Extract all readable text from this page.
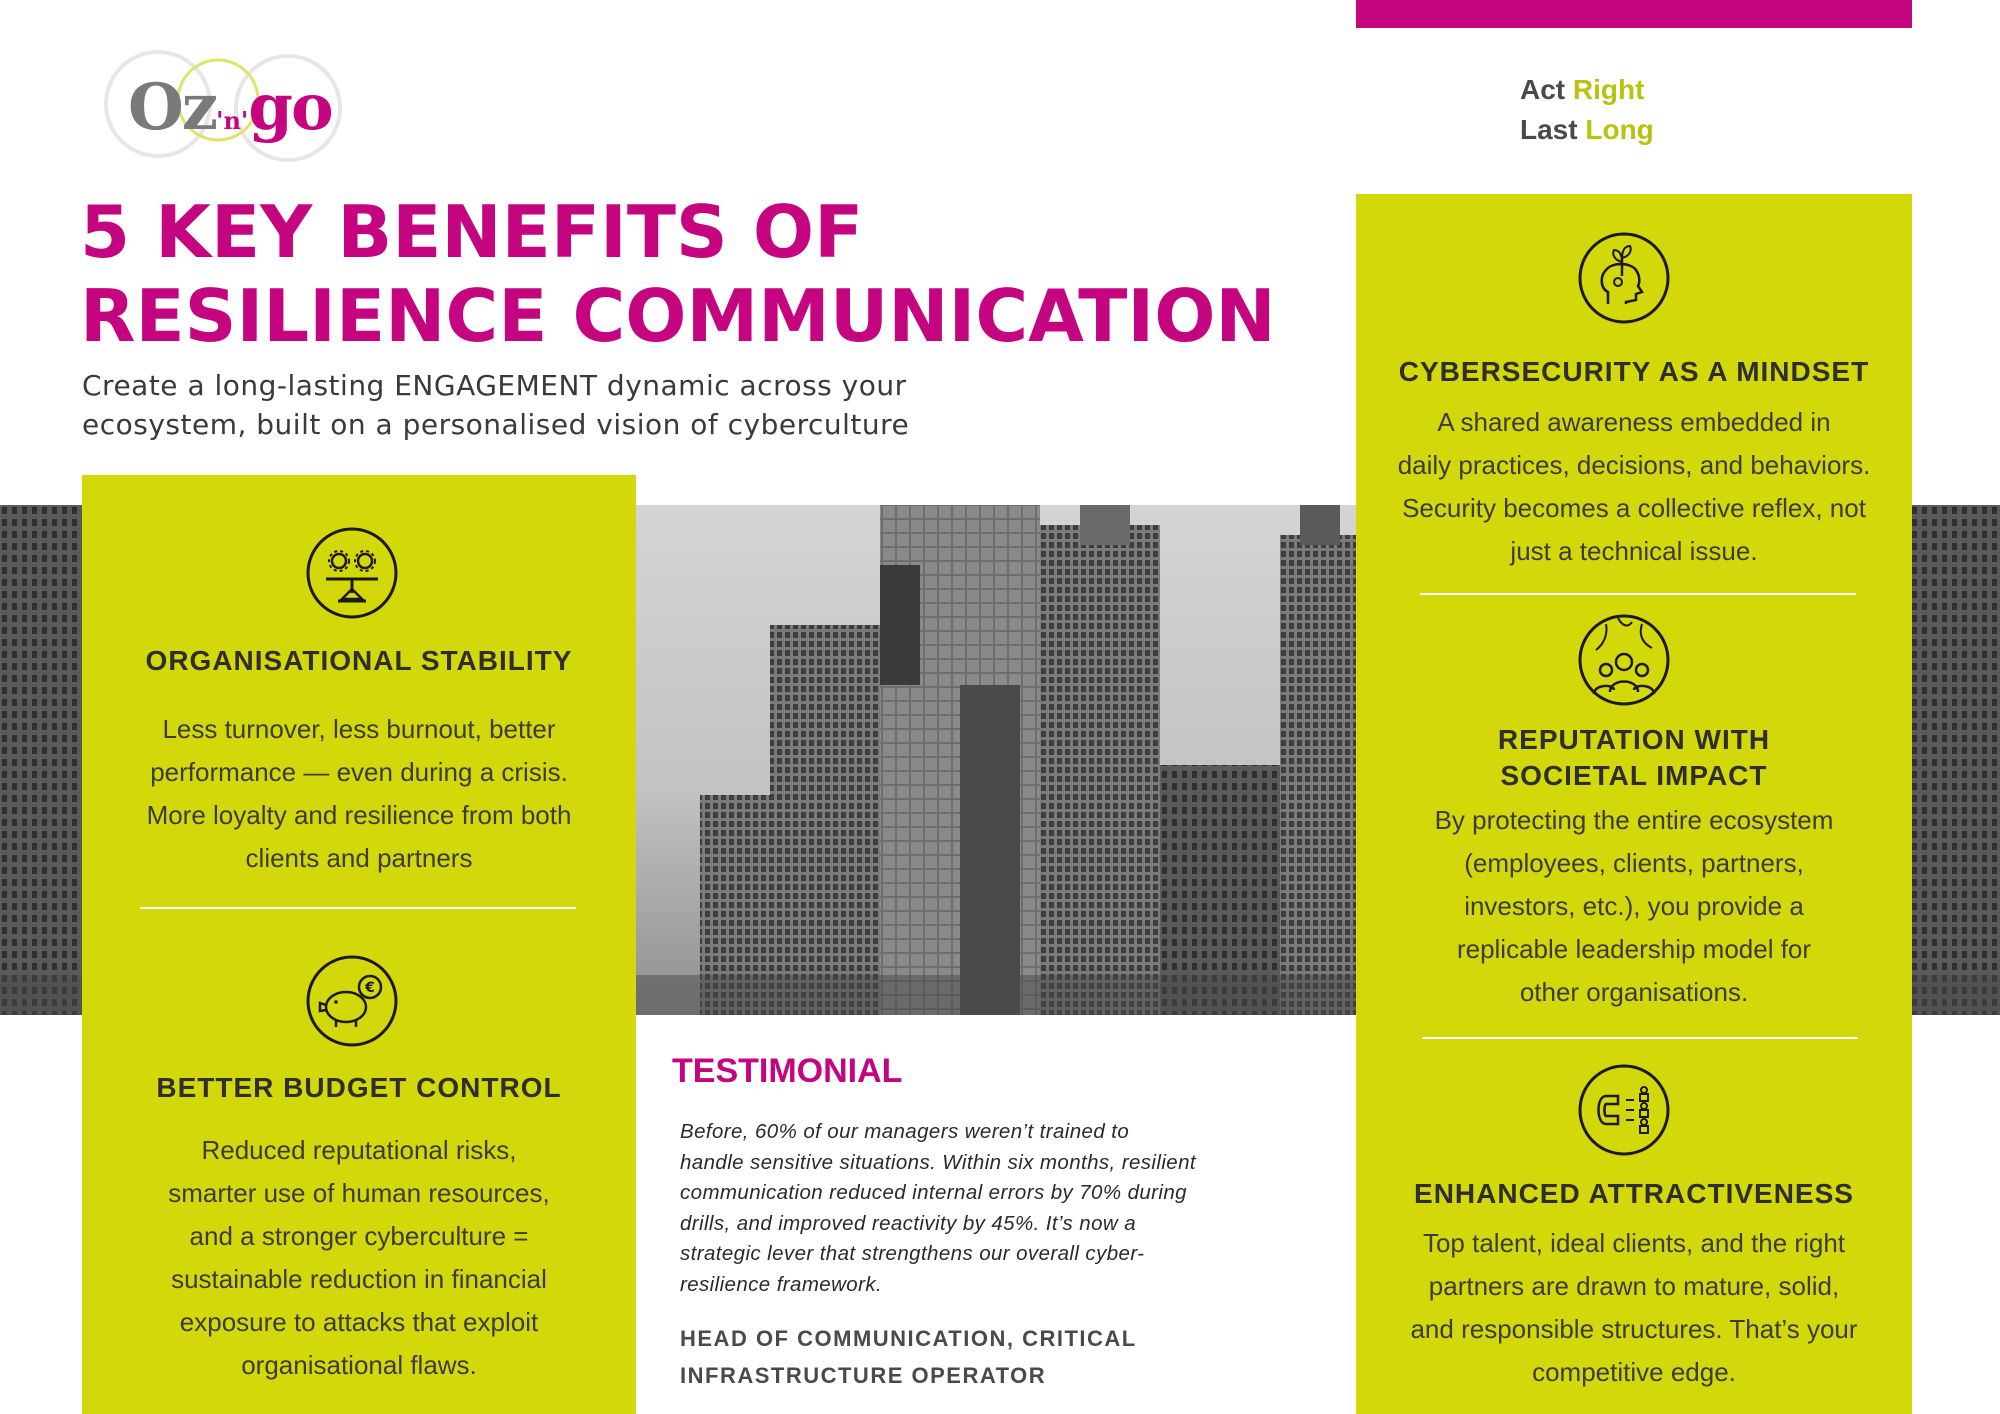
Oz'n'go	Act Right
Last Long
5 KEY BENEFITS OF
RESILIENCE COMMUNICATION

Create a long-lasting ENGAGEMENT dynamic across your
ecosystem, built on a personalised vision of cyberculture

ORGANISATIONAL STABILITY
Less turnover, less burnout, better
performance — even during a crisis.
More loyalty and resilience from both
clients and partners
€
BETTER BUDGET CONTROL
Reduced reputational risks,
smarter use of human resources,
and a stronger cyberculture =
sustainable reduction in financial
exposure to attacks that exploit
organisational flaws.
CYBERSECURITY AS A MINDSET
A shared awareness embedded in
daily practices, decisions, and behaviors.
Security becomes a collective reflex, not
just a technical issue.
REPUTATION WITH
SOCIETAL IMPACT
By protecting the entire ecosystem
(employees, clients, partners,
investors, etc.), you provide a
replicable leadership model for
other organisations.
ENHANCED ATTRACTIVENESS
Top talent, ideal clients, and the right
partners are drawn to mature, solid,
and responsible structures. That’s your
competitive edge.
TESTIMONIAL
Before, 60% of our managers weren’t trained to
handle sensitive situations. Within six months, resilient
communication reduced internal errors by 70% during
drills, and improved reactivity by 45%. It’s now a
strategic lever that strengthens our overall cyber-
resilience framework.
HEAD OF COMMUNICATION, CRITICAL
INFRASTRUCTURE OPERATOR
